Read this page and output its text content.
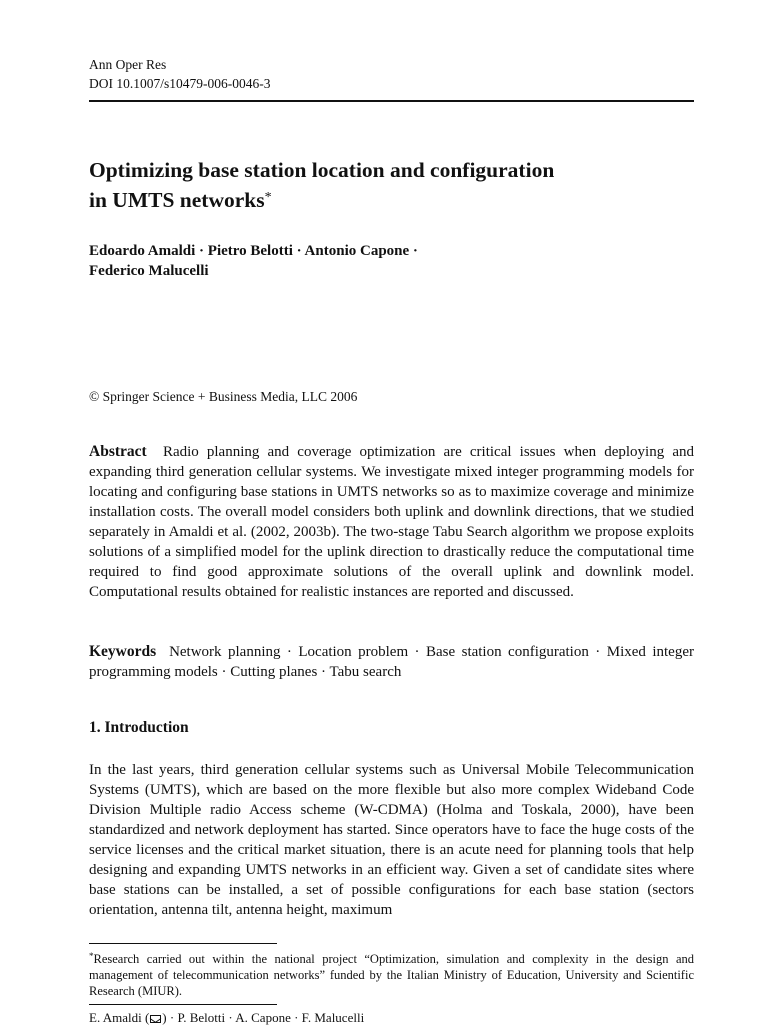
Ann Oper Res
DOI 10.1007/s10479-006-0046-3
Optimizing base station location and configuration
in UMTS networks*
Edoardo Amaldi · Pietro Belotti · Antonio Capone ·
Federico Malucelli
© Springer Science + Business Media, LLC 2006

Abstract Radio planning and coverage optimization are critical issues when deploying and expanding third generation cellular systems. We investigate mixed integer programming models for locating and configuring base stations in UMTS networks so as to maximize coverage and minimize installation costs. The overall model considers both uplink and downlink directions, that we studied separately in Amaldi et al. (2002, 2003b). The two-stage Tabu Search algorithm we propose exploits solutions of a simplified model for the uplink direction to drastically reduce the computational time required to find good approximate solutions of the overall uplink and downlink model. Computational results obtained for realistic instances are reported and discussed.

Keywords Network planning · Location problem · Base station configuration · Mixed integer programming models · Cutting planes · Tabu search

1. Introduction

In the last years, third generation cellular systems such as Universal Mobile Telecommunication Systems (UMTS), which are based on the more flexible but also more complex Wideband Code Division Multiple radio Access scheme (W-CDMA) (Holma and Toskala, 2000), have been standardized and network deployment has started. Since operators have to face the huge costs of the service licenses and the critical market situation, there is an acute need for planning tools that help designing and expanding UMTS networks in an efficient way. Given a set of candidate sites where base stations can be installed, a set of possible configurations for each base station (sectors orientation, antenna tilt, antenna height, maximum

*Research carried out within the national project “Optimization, simulation and complexity in the design and management of telecommunication networks” funded by the Italian Ministry of Education, University and Scientific Research (MIUR).

E. Amaldi ( ) · P. Belotti · A. Capone · F. Malucelli
